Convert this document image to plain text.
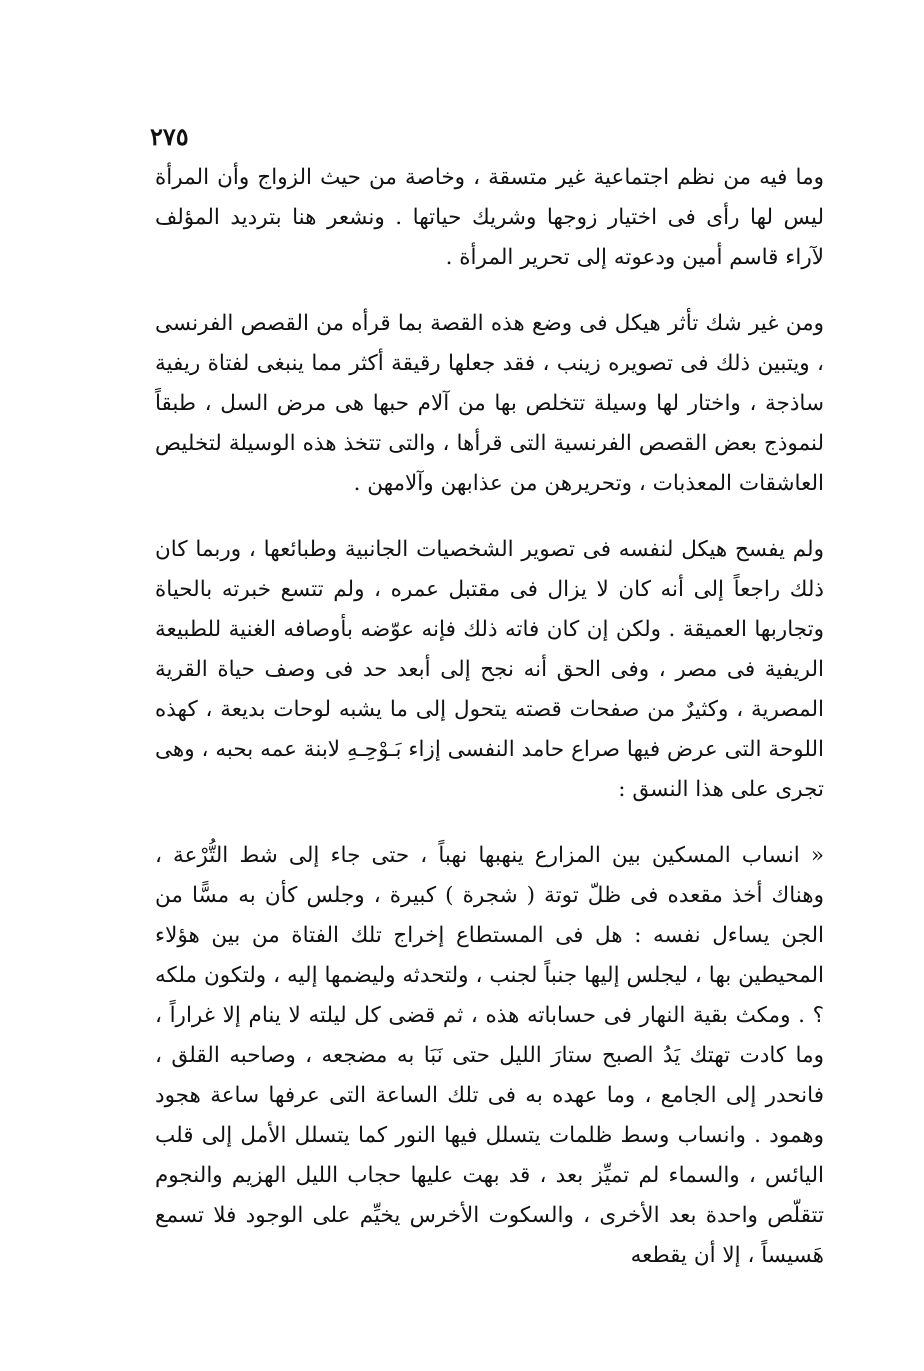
٢٧٥

وما فيه من نظم اجتماعية غير متسقة ، وخاصة من حيث الزواج وأن المرأة ليس لها رأى فى اختيار زوجها وشريك حياتها . ونشعر هنا بترديد المؤلف لآراء قاسم أمين ودعوته إلى تحرير المرأة .

ومن غير شك تأثر هيكل فى وضع هذه القصة بما قرأه من القصص الفرنسى ، ويتبين ذلك فى تصويره زينب ، فقد جعلها رقيقة أكثر مما ينبغى لفتاة ريفية ساذجة ، واختار لها وسيلة تتخلص بها من آلام حبها هى مرض السل ، طبقاً لنموذج بعض القصص الفرنسية التى قرأها ، والتى تتخذ هذه الوسيلة لتخليص العاشقات المعذبات ، وتحريرهن من عذابهن وآلامهن .

ولم يفسح هيكل لنفسه فى تصوير الشخصيات الجانبية وطبائعها ، وربما كان ذلك راجعاً إلى أنه كان لا يزال فى مقتبل عمره ، ولم تتسع خبرته بالحياة وتجاربها العميقة . ولكن إن كان فاته ذلك فإنه عوّضه بأوصافه الغنية للطبيعة الريفية فى مصر ، وفى الحق أنه نجح إلى أبعد حد فى وصف حياة القرية المصرية ، وكثيرٌ من صفحات قصته يتحول إلى ما يشبه لوحات بديعة ، كهذه اللوحة التى عرض فيها صراع حامد النفسى إزاء بَـوْحِـهِ لابنة عمه بحبه ، وهى تجرى على هذا النسق :

« انساب المسكين بين المزارع ينهبها نهباً ، حتى جاء إلى شط التُّرْعة ، وهناك أخذ مقعده فى ظلّ توتة ( شجرة ) كبيرة ، وجلس كأن به مسًّا من الجن يساءل نفسه : هل فى المستطاع إخراج تلك الفتاة من بين هؤلاء المحيطين بها ، ليجلس إليها جنباً لجنب ، ولتحدثه وليضمها إليه ، ولتكون ملكه ؟ . ومكث بقية النهار فى حساباته هذه ، ثم قضى كل ليلته لا ينام إلا غراراً ، وما كادت تهتك يَدُ الصبح ستارَ الليل حتى نَبَا به مضجعه ، وصاحبه القلق ، فانحدر إلى الجامع ، وما عهده به فى تلك الساعة التى عرفها ساعة هجود وهمود . وانساب وسط ظلمات يتسلل فيها النور كما يتسلل الأمل إلى قلب اليائس ، والسماء لم تميِّز بعد ، قد بهت عليها حجاب الليل الهزيم والنجوم تتقلّص واحدة بعد الأخرى ، والسكوت الأخرس يخيِّم على الوجود فلا تسمع هَسيساً ، إلا أن يقطعه
